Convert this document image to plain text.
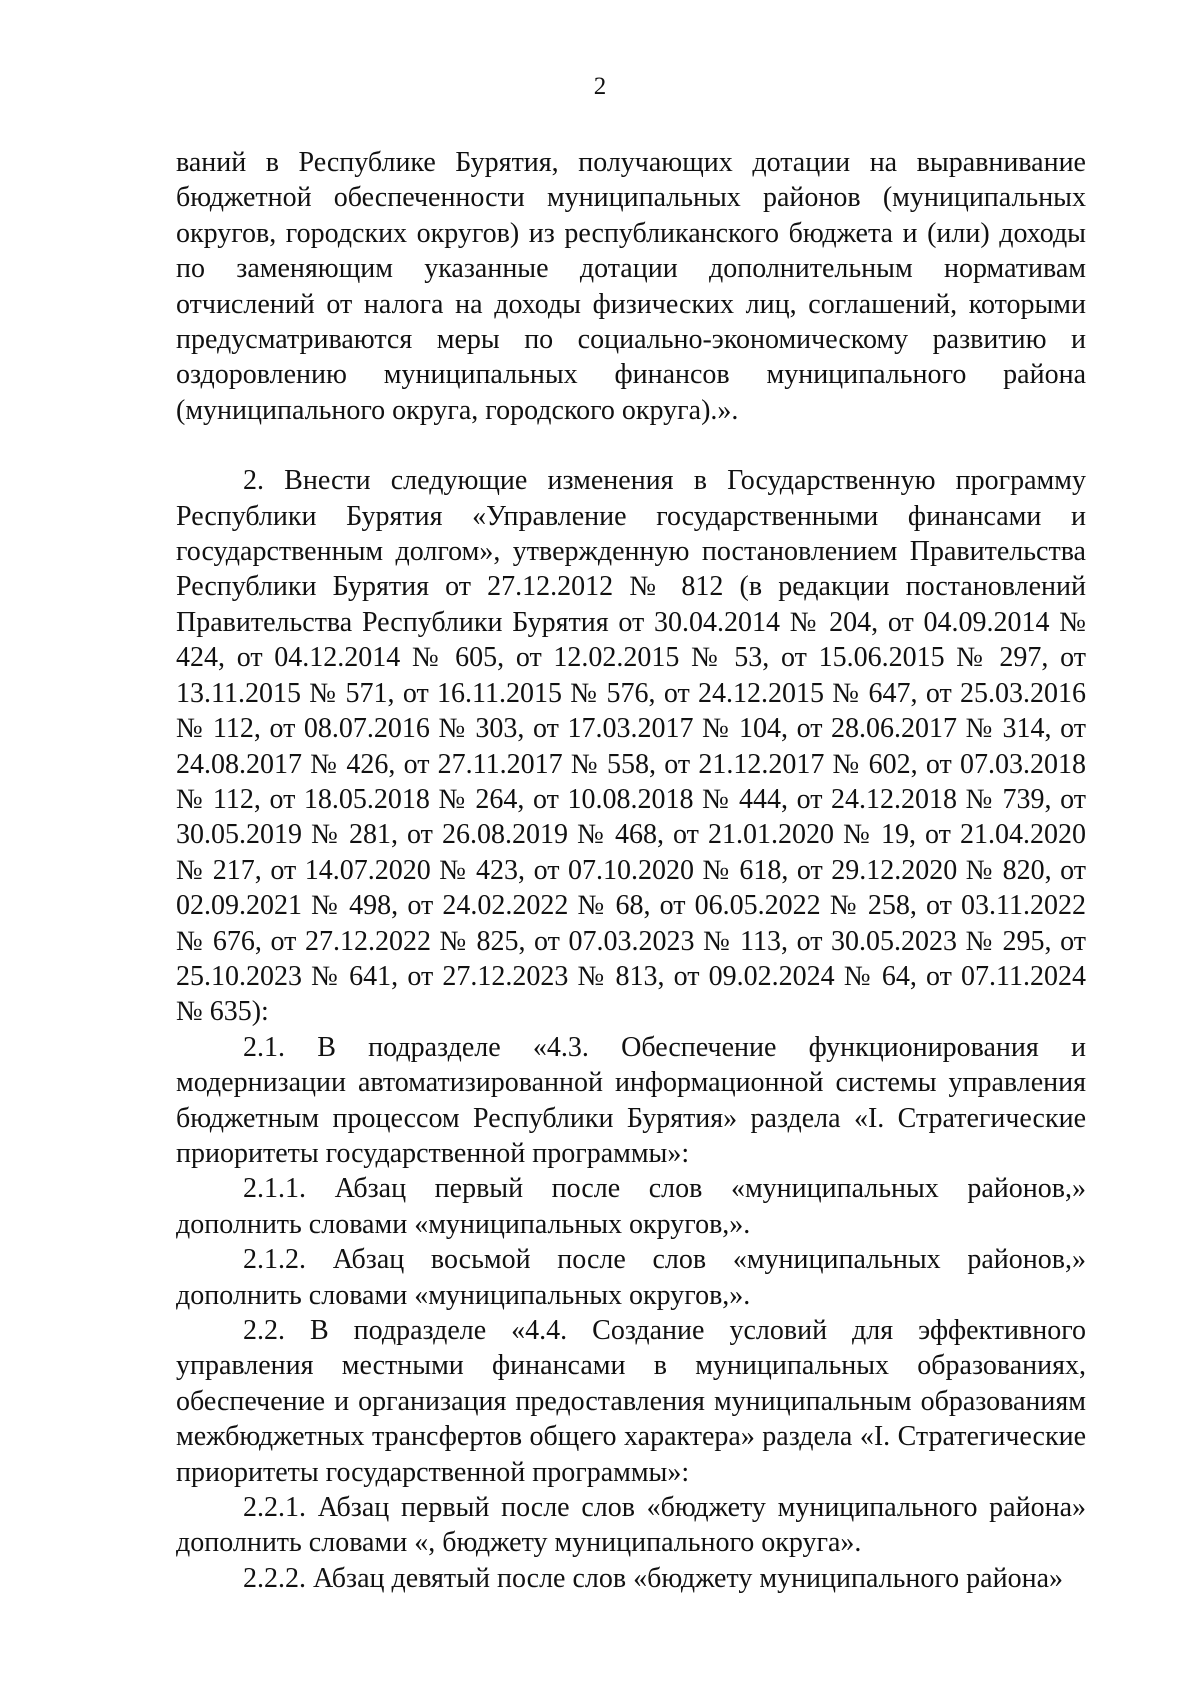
2

ваний в Республике Бурятия, получающих дотации на выравнивание бюджетной обеспеченности муниципальных районов (муниципальных округов, городских округов) из республиканского бюджета и (или) доходы по заменяющим указанные дотации дополнительным нормативам отчислений от налога на доходы физических лиц, соглашений, которыми предусматриваются меры по социально-экономическому развитию и оздоровлению муниципальных финансов муниципального района (муниципального округа, городского округа).».

2. Внести следующие изменения в Государственную программу Республики Бурятия «Управление государственными финансами и государственным долгом», утвержденную постановлением Правительства Республики Бурятия от 27.12.2012 № 812 (в редакции постановлений Правительства Республики Бурятия от 30.04.2014 № 204, от 04.09.2014 № 424, от 04.12.2014 № 605, от 12.02.2015 № 53, от 15.06.2015 № 297, от 13.11.2015 № 571, от 16.11.2015 № 576, от 24.12.2015 № 647, от 25.03.2016 № 112, от 08.07.2016 № 303, от 17.03.2017 № 104, от 28.06.2017 № 314, от 24.08.2017 № 426, от 27.11.2017 № 558, от 21.12.2017 № 602, от 07.03.2018 № 112, от 18.05.2018 № 264, от 10.08.2018 № 444, от 24.12.2018 № 739, от 30.05.2019 № 281, от 26.08.2019 № 468, от 21.01.2020 № 19, от 21.04.2020 № 217, от 14.07.2020 № 423, от 07.10.2020 № 618, от 29.12.2020 № 820, от 02.09.2021 № 498, от 24.02.2022 № 68, от 06.05.2022 № 258, от 03.11.2022 № 676, от 27.12.2022 № 825, от 07.03.2023 № 113, от 30.05.2023 № 295, от 25.10.2023 № 641, от 27.12.2023 № 813, от 09.02.2024 № 64, от 07.11.2024 № 635):

2.1. В подразделе «4.3. Обеспечение функционирования и модернизации автоматизированной информационной системы управления бюджетным процессом Республики Бурятия» раздела «I. Стратегические приоритеты государственной программы»:

2.1.1. Абзац первый после слов «муниципальных районов,» дополнить словами «муниципальных округов,».

2.1.2. Абзац восьмой после слов «муниципальных районов,» дополнить словами «муниципальных округов,».

2.2. В подразделе «4.4. Создание условий для эффективного управления местными финансами в муниципальных образованиях, обеспечение и организация предоставления муниципальным образованиям межбюджетных трансфертов общего характера» раздела «I. Стратегические приоритеты государственной программы»:

2.2.1. Абзац первый после слов «бюджету муниципального района» дополнить словами «, бюджету муниципального округа».

2.2.2. Абзац девятый после слов «бюджету муниципального района»
